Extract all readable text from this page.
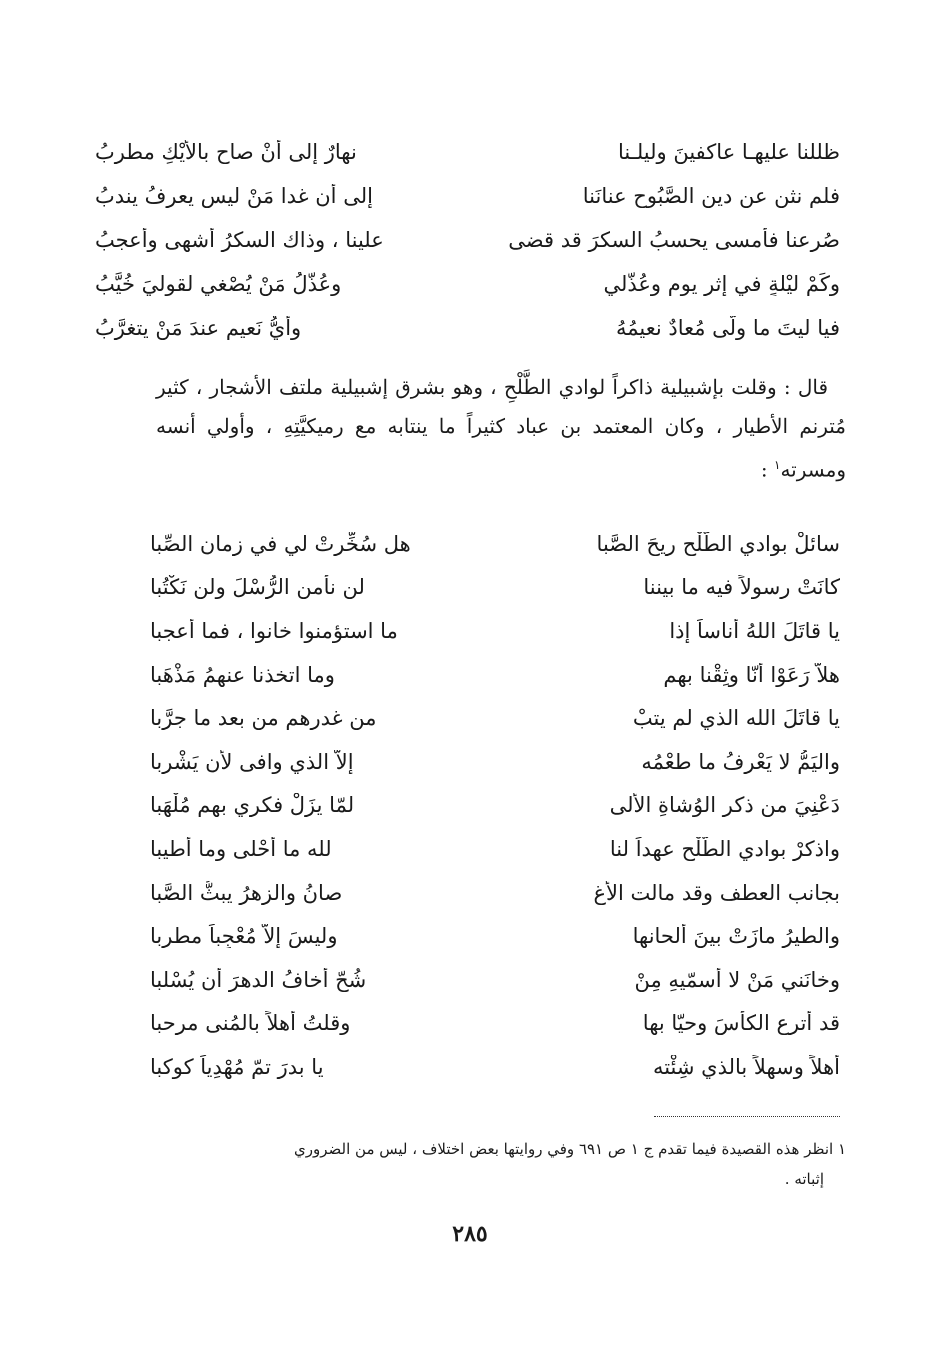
ظللنا عليهـا عاكفينَ وليلـنا
نهارٌ إلى أنْ صاح بالأيْكِ مطربُ
فلم نثنِ عن دين الصَّبُوحِ عنانَنا
إلى أن غدا مَنْ ليس يعرفُ يندبُ
صُرعنا فأمسى يحسبُ السكرَ قد قضى
علينا ، وذاك السكرُ أشهى وأعجبُ
وكَمْ ليْلةٍ في إثر يوم وعُذَّلي
وعُذَّلُ مَنْ يُصْغي لقوليَ خُيَّبُ
فيا ليتَ ما ولّى مُعادٌ نعيمُهُ
وأيُّ نَعيمٍ عندَ مَنْ يتغرَّبُ

قال : وقلت بإشبيلية ذاكراً لوادي الطَّلْحِ ، وهو بشرق إشبيلية ملتف الأشجار ، كثير مُترنم الأطيار ، وكان المعتمد بن عباد كثيراً ما ينتابه مع رميكيَّتِهِ ، وأولي أنسه ومسرته$^١$ :

سائلْ بوادي الطَّلْحِ ريحَ الصَّبا
هل سُخِّرتْ لي في زمان الصِّبا
كانَتْ رسولاً فيه ما بيننا
لن نأمن الرُّسْلَ ولن نَكْتُبا
يا قاتَلَ اللهُ أناساً إذا
ما استؤمنوا خانوا ، فما أعجبا
هلاّ رَعَوْا أنّا وثِقْنا بهم
وما اتخذنا عنهمُ مَذْهَبا
يا قاتَلَ الله الذي لم يتبْ
من غدرهم من بعد ما جرَّبا
واليَمُّ لا يَعْرِفُ ما طعْمُه
إلاّ الذي وافى لأن يَشْربا
دَعْنِيَ من ذكر الوُشاةِ الألى
لمّا يزَلْ فكري بهم مُلْهَبا
واذكرْ بوادي الطَّلْح عهداً لنا
لله ما أحْلى وما أطيبا
بجانب العطف وقد مالت الأغ
صانُ والزهرُ يبثُّ الصَّبا
والطيرُ مازَتْ بينَ ألحانها
وليسَ إلاّ مُعْجِباً مطربا
وخانَني مَنْ لا أُسمّيهِ مِنْ
شُحّ أخافُ الدهرَ أن يُسْلبا
قد أترع الكأسَ وحيّا بها
وقلتُ أهلاً بالمُنى مرحبا
أهلاً وسهلاً بالذي شِئْته
يا بدرَ تمّ مُهْدِياً كوكبا
١ انظر هذه القصيدة فيما تقدم ج ١ ص ٦٩١ وفي روايتها بعض اختلاف ، ليس من الضروري
إثباته .
٢٨٥
